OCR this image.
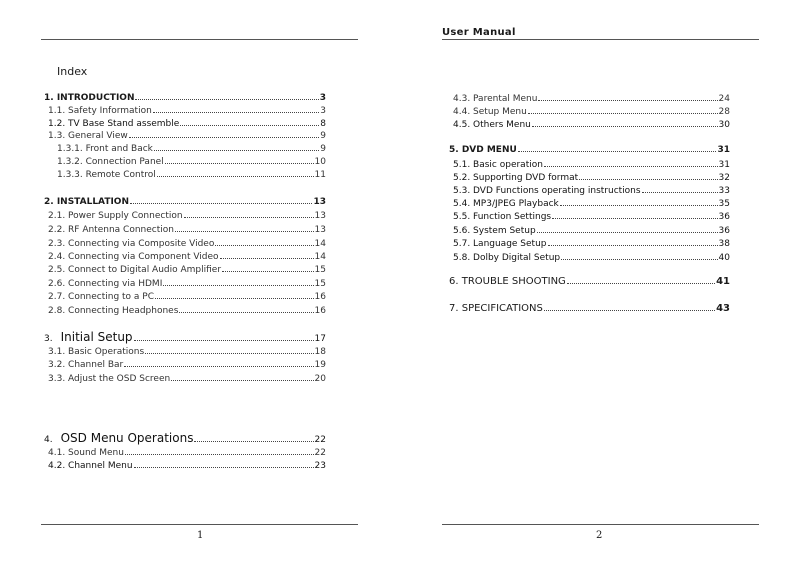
User Manual
1	2
Index
1. INTRODUCTION	3
1.1. Safety Information	3
1.2. TV Base Stand assemble	8
1.3. General View	9
1.3.1. Front and Back	9
1.3.2. Connection Panel	10
1.3.3. Remote Control	11
2. INSTALLATION	13
2.1. Power Supply Connection	13
2.2. RF Antenna Connection	13
2.3. Connecting via Composite Video	14
2.4. Connecting via Component Video	14
2.5. Connect to Digital Audio Amplifier	15
2.6. Connecting via HDMI	15
2.7. Connecting to a PC	16
2.8. Connecting Headphones	16
3. Initial Setup	17
3.1. Basic Operations	18
3.2. Channel Bar	19
3.3. Adjust the OSD Screen	20
4. OSD Menu Operations	22
4.1. Sound Menu	22
4.2. Channel Menu	23
4.3. Parental Menu	24
4.4. Setup Menu	28
4.5. Others Menu	30
5. DVD MENU	31
5.1. Basic operation	31
5.2. Supporting DVD format	32
5.3. DVD Functions operating instructions	33
5.4. MP3/JPEG Playback	35
5.5. Function Settings	36
5.6. System Setup	36
5.7. Language Setup	38
5.8. Dolby Digital Setup	40
6. TROUBLE SHOOTING	41
7. SPECIFICATIONS	43
